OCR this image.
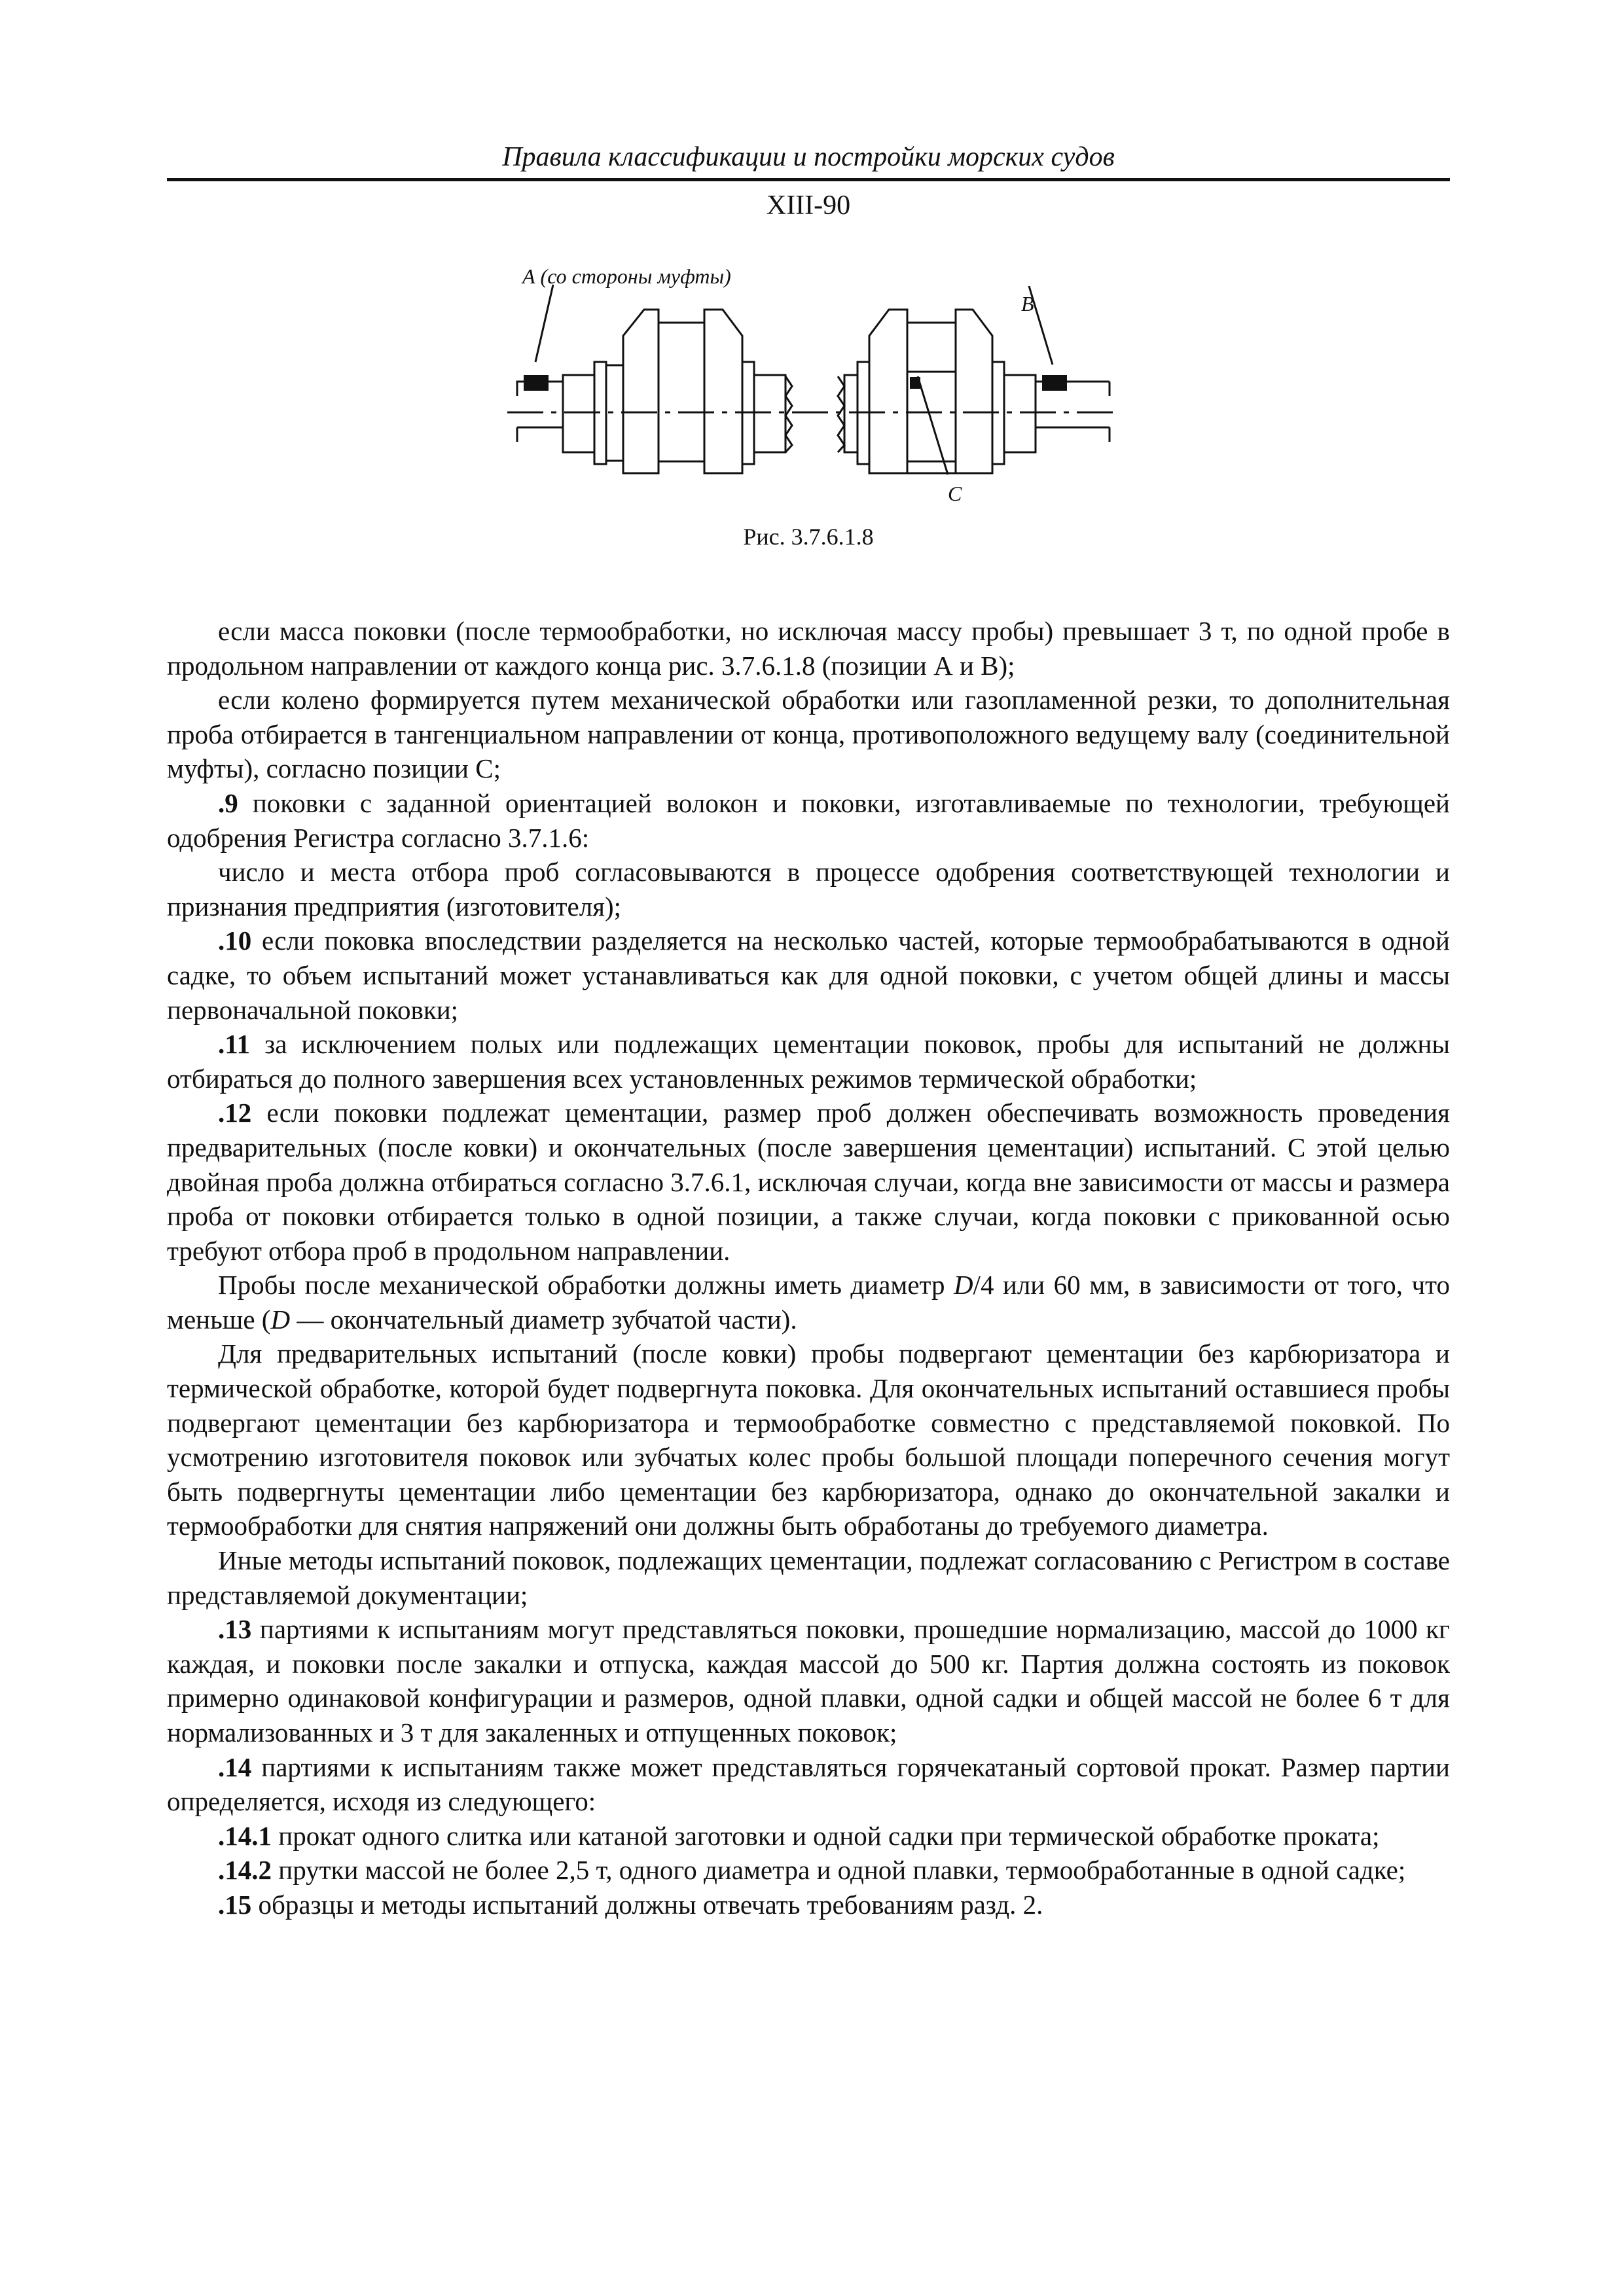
Правила классификации и постройки морских судов
XIII-90
А (со стороны муфты)
В
С
Рис. 3.7.6.1.8

если масса поковки (после термообработки, но исключая массу пробы) превышает 3 т, по одной пробе в продольном направлении от каждого конца рис. 3.7.6.1.8 (позиции А и В);

если колено формируется путем механической обработки или газопламенной резки, то дополнительная проба отбирается в тангенциальном направлении от конца, противоположного ведущему валу (соединительной муфты), согласно позиции С;

.9 поковки с заданной ориентацией волокон и поковки, изготавливаемые по технологии, требующей одобрения Регистра согласно 3.7.1.6:

число и места отбора проб согласовываются в процессе одобрения соответствующей технологии и признания предприятия (изготовителя);

.10 если поковка впоследствии разделяется на несколько частей, которые термообрабатываются в одной садке, то объем испытаний может устанавливаться как для одной поковки, с учетом общей длины и массы первоначальной поковки;

.11 за исключением полых или подлежащих цементации поковок, пробы для испытаний не должны отбираться до полного завершения всех установленных режимов термической обработки;

.12 если поковки подлежат цементации, размер проб должен обеспечивать возможность проведения предварительных (после ковки) и окончательных (после завершения цементации) испытаний. С этой целью двойная проба должна отбираться согласно 3.7.6.1, исключая случаи, когда вне зависимости от массы и размера проба от поковки отбирается только в одной позиции, а также случаи, когда поковки с прикованной осью требуют отбора проб в продольном направлении.

Пробы после механической обработки должны иметь диаметр D/4 или 60 мм, в зависимости от того, что меньше (D — окончательный диаметр зубчатой части).

Для предварительных испытаний (после ковки) пробы подвергают цементации без карбюризатора и термической обработке, которой будет подвергнута поковка. Для окончательных испытаний оставшиеся пробы подвергают цементации без карбюризатора и термообработке совместно с представляемой поковкой. По усмотрению изготовителя поковок или зубчатых колес пробы большой площади поперечного сечения могут быть подвергнуты цементации либо цементации без карбюризатора, однако до окончательной закалки и термообработки для снятия напряжений они должны быть обработаны до требуемого диаметра.

Иные методы испытаний поковок, подлежащих цементации, подлежат согласованию с Регистром в составе представляемой документации;

.13 партиями к испытаниям могут представляться поковки, прошедшие нормализацию, массой до 1000 кг каждая, и поковки после закалки и отпуска, каждая массой до 500 кг. Партия должна состоять из поковок примерно одинаковой конфигурации и размеров, одной плавки, одной садки и общей массой не более 6 т для нормализованных и 3 т для закаленных и отпущенных поковок;

.14 партиями к испытаниям также может представляться горячекатаный сортовой прокат. Размер партии определяется, исходя из следующего:

.14.1 прокат одного слитка или катаной заготовки и одной садки при термической обработке проката;

.14.2 прутки массой не более 2,5 т, одного диаметра и одной плавки, термообработанные в одной садке;

.15 образцы и методы испытаний должны отвечать требованиям разд. 2.
